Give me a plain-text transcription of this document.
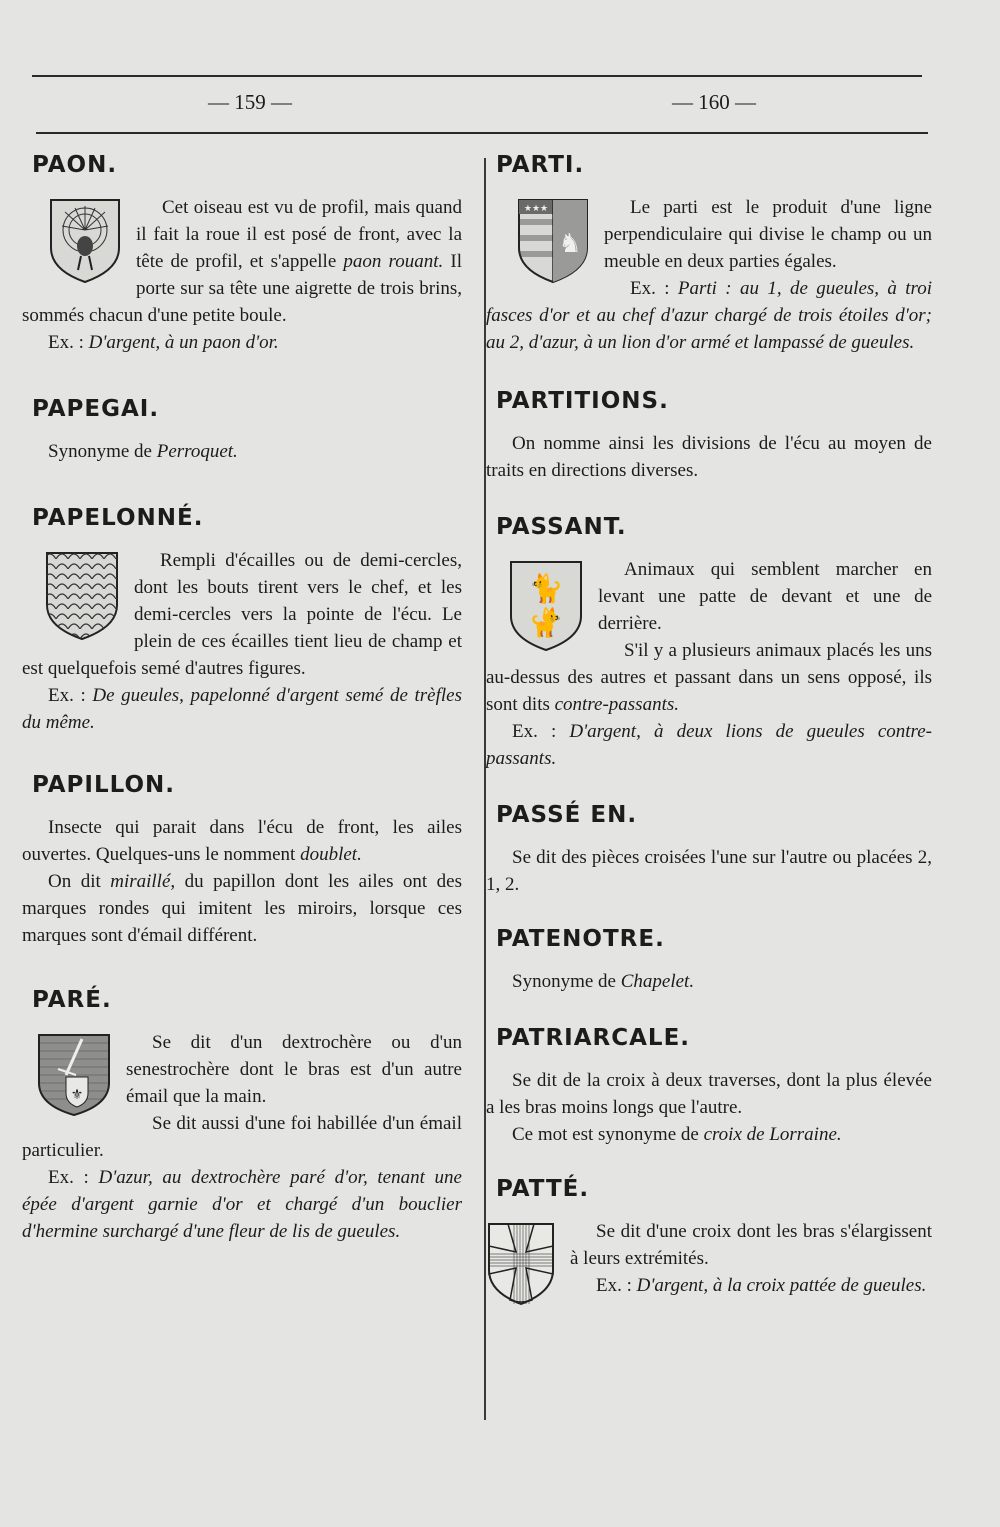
— 159 —	— 160 —
PAON.

Cet oiseau est vu de profil, mais quand il fait la roue il est posé de front, avec la tête de profil, et s'appelle paon rouant. Il porte sur sa tête une aigrette de trois brins, sommés chacun d'une petite boule.

Ex. : D'argent, à un paon d'or.

PAPEGAI.

Synonyme de Perroquet.

PAPELONNÉ.

Rempli d'écailles ou de demi-cercles, dont les bouts tirent vers le chef, et les demi-cercles vers la pointe de l'écu. Le plein de ces écailles tient lieu de champ et est quelquefois semé d'autres figures.

Ex. : De gueules, papelonné d'argent semé de trèfles du même.

PAPILLON.

Insecte qui parait dans l'écu de front, les ailes ouvertes. Quelques-uns le nomment doublet.

On dit miraillé, du papillon dont les ailes ont des marques rondes qui imitent les miroirs, lorsque ces marques sont d'émail différent.

PARÉ.
⚜

Se dit d'un dextrochère ou d'un senestrochère dont le bras est d'un autre émail que la main.

Se dit aussi d'une foi habillée d'un émail particulier.

Ex. : D'azur, au dextrochère paré d'or, tenant une épée d'argent garnie d'or et chargé d'un bouclier d'hermine surchargé d'une fleur de lis de gueules.

PARTI.
★★★
♞

Le parti est le produit d'une ligne perpendiculaire qui divise le champ ou un meuble en deux parties égales.

Ex. : Parti : au 1, de gueules, à troi fasces d'or et au chef d'azur chargé de trois étoiles d'or; au 2, d'azur, à un lion d'or armé et lampassé de gueules.

PARTITIONS.

On nomme ainsi les divisions de l'écu au moyen de traits en directions diverses.

PASSANT.
🐈
🐈

Animaux qui semblent marcher en levant une patte de devant et une de derrière.

S'il y a plusieurs animaux placés les uns au-dessus des autres et passant dans un sens opposé, ils sont dits contre-passants.

Ex. : D'argent, à deux lions de gueules contre-passants.

PASSÉ EN.

Se dit des pièces croisées l'une sur l'autre ou placées 2, 1, 2.

PATENOTRE.

Synonyme de Chapelet.

PATRIARCALE.

Se dit de la croix à deux traverses, dont la plus élevée a les bras moins longs que l'autre.

Ce mot est synonyme de croix de Lorraine.

PATTÉ.

Se dit d'une croix dont les bras s'élargissent à leurs extrémités.

Ex. : D'argent, à la croix pattée de gueules.
